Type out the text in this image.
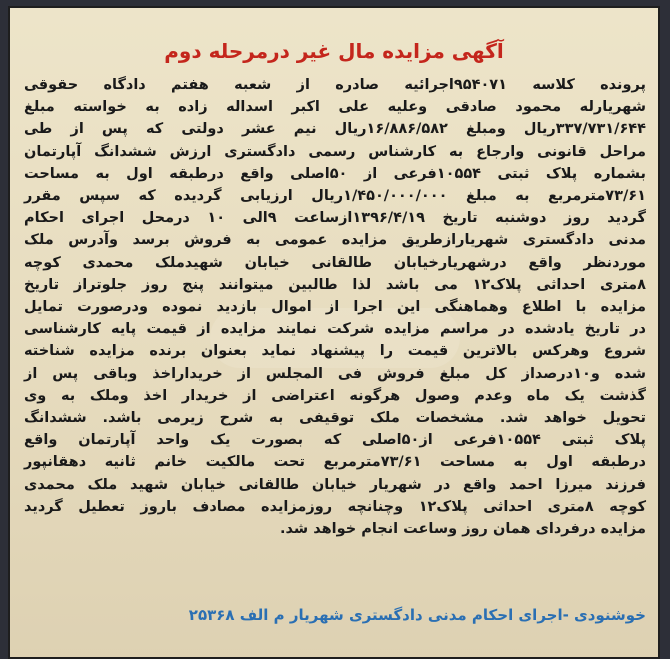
آگهی مزایده مال غیر درمرحله دوم
پرونده کلاسه ۹۵۴۰۷۱اجرائیه صادره از شعبه هفتم دادگاه حقوقی
شهریارله محمود صادقی وعلیه علی اکبر اسداله زاده به خواسته مبلغ
۳۳۷/۷۳۱/۶۴۴ریال ومبلغ ۱۶/۸۸۶/۵۸۲ریال نیم عشر دولتی که پس از طی
مراحل قانونی وارجاع به کارشناس رسمی دادگستری ارزش ششدانگ آپارتمان
بشماره پلاک ثبتی ۱۰۵۵۴فرعی از ۵۰اصلی واقع درطبقه اول به مساحت
۷۳/۶۱مترمربع به مبلغ ۱/۴۵۰/۰۰۰/۰۰۰ریال ارزیابی گردیده که سپس مقرر
گردید روز دوشنبه تاریخ ۱۳۹۶/۴/۱۹ازساعت ۹الی ۱۰ درمحل اجرای احکام
مدنی دادگستری شهریارازطریق مزایده عمومی به فروش برسد وآدرس ملک
موردنظر واقع درشهریارخیابان طالقانی خیابان شهیدملک محمدی کوچه
۸متری احداثی پلاک۱۲ می باشد لذا طالبین میتوانند پنج روز جلوتراز تاریخ
مزایده با اطلاع وهماهنگی این اجرا از اموال بازدید نموده ودرصورت تمایل
در تاریخ یادشده در مراسم مزایده شرکت نمایند مزایده از قیمت پایه کارشناسی
شروع وهرکس بالاترین قیمت را پیشنهاد نماید بعنوان برنده مزایده شناخته
شده و۱۰درصداز کل مبلغ فروش فی المجلس از خریداراخذ وباقی پس از
گذشت یک ماه وعدم وصول هرگونه اعتراضی از خریدار اخذ وملک به وی
تحویل خواهد شد. مشخصات ملک توقیفی به شرح زیرمی باشد. ششدانگ
پلاک ثبتی ۱۰۵۵۴فرعی از۵۰اصلی که بصورت یک واحد آپارتمان واقع
درطبقه اول به مساحت ۷۳/۶۱مترمربع تحت مالکیت خانم ثانیه دهقانپور
فرزند میرزا احمد واقع در شهریار خیابان طالقانی خیابان شهید ملک محمدی
کوچه ۸متری احداثی پلاک۱۲ وچنانچه روزمزایده مصادف باروز تعطیل گردید
مزایده درفردای همان روز وساعت انجام خواهد شد.
خوشنودی -اجرای احکام مدنی دادگستری شهریار م الف ۲۵۳۶۸
